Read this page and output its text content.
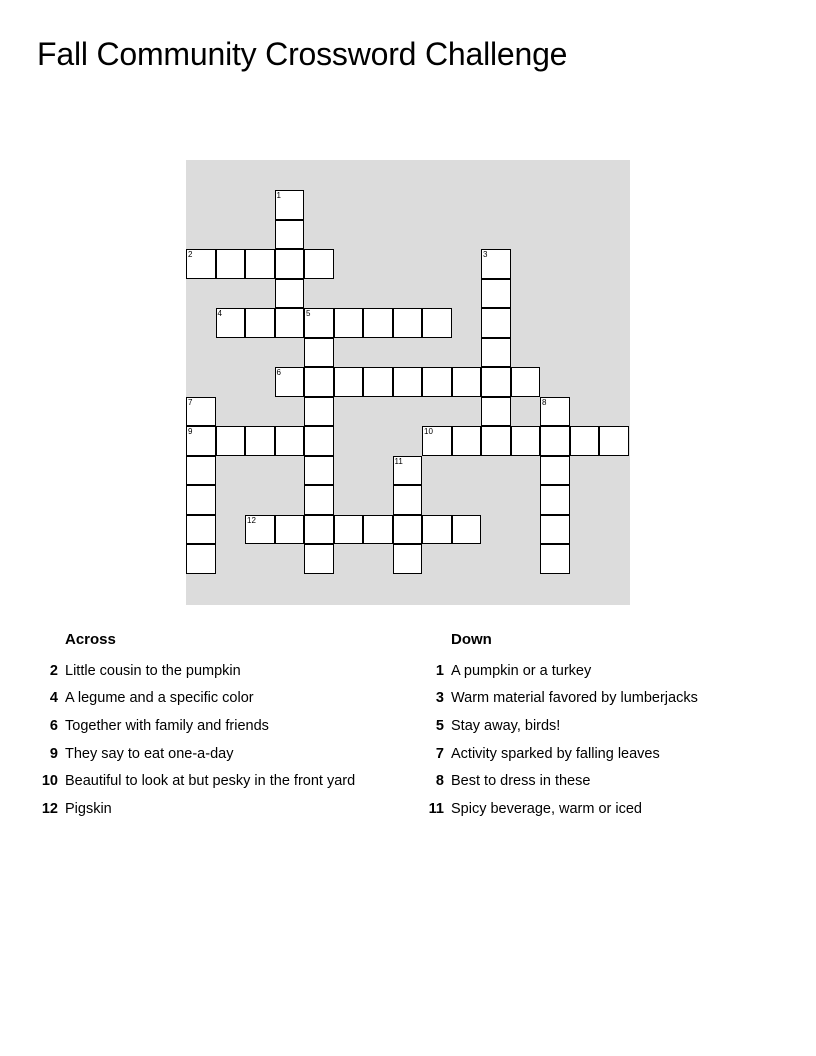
Fall Community Crossword Challenge
1
2	3
4	5
6
7	8
9	10
11
12
Across
2 Little cousin to the pumpkin
4 A legume and a specific color
6 Together with family and friends
9 They say to eat one-a-day
10 Beautiful to look at but pesky in the front yard
12 Pigskin
Down
1 A pumpkin or a turkey
3 Warm material favored by lumberjacks
5 Stay away, birds!
7 Activity sparked by falling leaves
8 Best to dress in these
11 Spicy beverage, warm or iced
